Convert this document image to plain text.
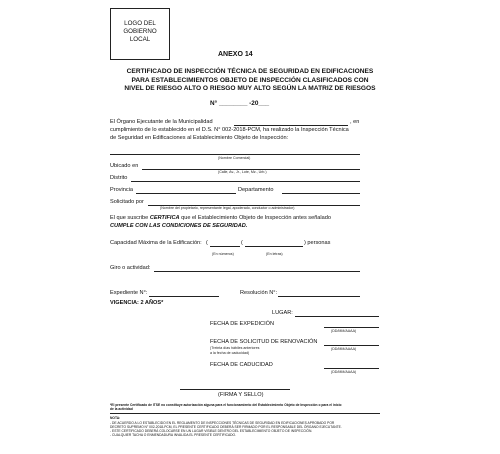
LOGO DEL
GOBIERNO
LOCAL
ANEXO 14
CERTIFICADO DE INSPECCIÓN TÉCNICA DE SEGURIDAD EN EDIFICACIONES
PARA ESTABLECIMIENTOS OBJETO DE INSPECCIÓN CLASIFICADOS CON
NIVEL DE RIESGO ALTO O RIESGO MUY ALTO SEGÚN LA MATRIZ DE RIESGOS
N° ________ -20___
El Órgano Ejecutante de la Municipalidad	, en
cumplimiento de lo establecido en el D.S. N° 002-2018-PCM, ha realizado la Inspección Técnica
de Seguridad en Edificaciones al Establecimiento Objeto de Inspección:
(Nombre Comercial)
Ubicado en
(Calle, Av., Jr., Lote, Mz., Urb.)
Distrito
Provincia	Departamento
Solicitado por
(Nombre del propietario, representante legal, apoderado, conductor o administrador)
El que suscribe CERTIFICA que el Establecimiento Objeto de Inspección antes señalado
CUMPLE CON LAS CONDICIONES DE SEGURIDAD.
Capacidad Máxima de la Edificación: (	(	) personas
(En números)	(En letras)
Giro o actividad:
Expediente N°:	Resolución N°:
VIGENCIA: 2 AÑOS*
LUGAR:
FECHA DE EXPEDICIÓN
(DD/MM/AAAA)
FECHA DE SOLICITUD DE RENOVACIÓN
(Treinta días hábiles anteriores
a la fecha de caducidad)
(DD/MM/AAAA)
FECHA DE CADUCIDAD
(DD/MM/AAAA)
(FIRMA Y SELLO)
*El presente Certificado de ITSE no constituye autorización alguna para el funcionamiento del Establecimiento Objeto de Inspección o para el inicio
de la actividad
NOTA:
- DE ACUERDO A LO ESTABLECIDO EN EL REGLAMENTO DE INSPECCIONES TÉCNICAS DE SEGURIDAD EN EDIFICACIONES APROBADO POR
DECRETO SUPREMO N° 002-2018-PCM, EL PRESENTE CERTIFICADO DEBERÁ SER FIRMADO POR EL RESPONSABLE DEL ÓRGANO EJECUTANTE.
- ESTE CERTIFICADO DEBERÁ COLOCARSE EN UN LUGAR VISIBLE DENTRO DEL ESTABLECIMIENTO OBJETO DE INSPECCIÓN.
- CUALQUIER TACHA O ENMENDADURA INVALIDA EL PRESENTE CERTIFICADO.
